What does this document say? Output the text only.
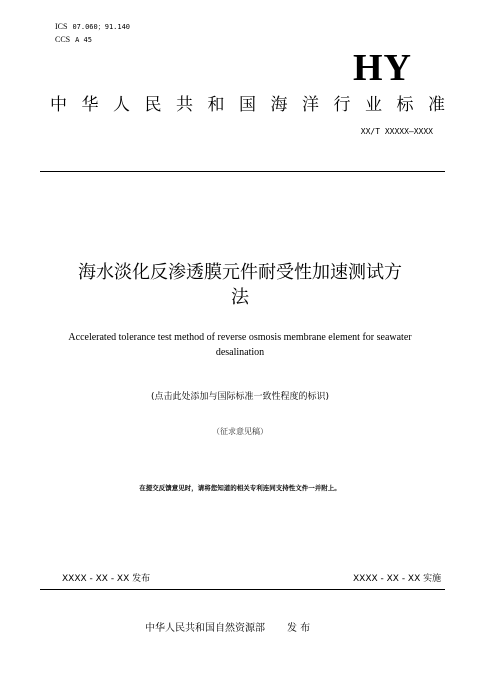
ICS 07.060；91.140
CCS A 45
HY
中 华 人 民 共 和 国 海 洋 行 业 标 准
XX/T XXXXX—XXXX
海水淡化反渗透膜元件耐受性加速测试方
法
Accelerated tolerance test method of reverse osmosis membrane element for seawater
desalination
(点击此处添加与国际标准一致性程度的标识)
（征求意见稿）
在提交反馈意见时，请将您知道的相关专利连同支持性文件一并附上。
XXXX - XX - XX 发布	XXXX - XX - XX 实施
中华人民共和国自然资源部 发 布
